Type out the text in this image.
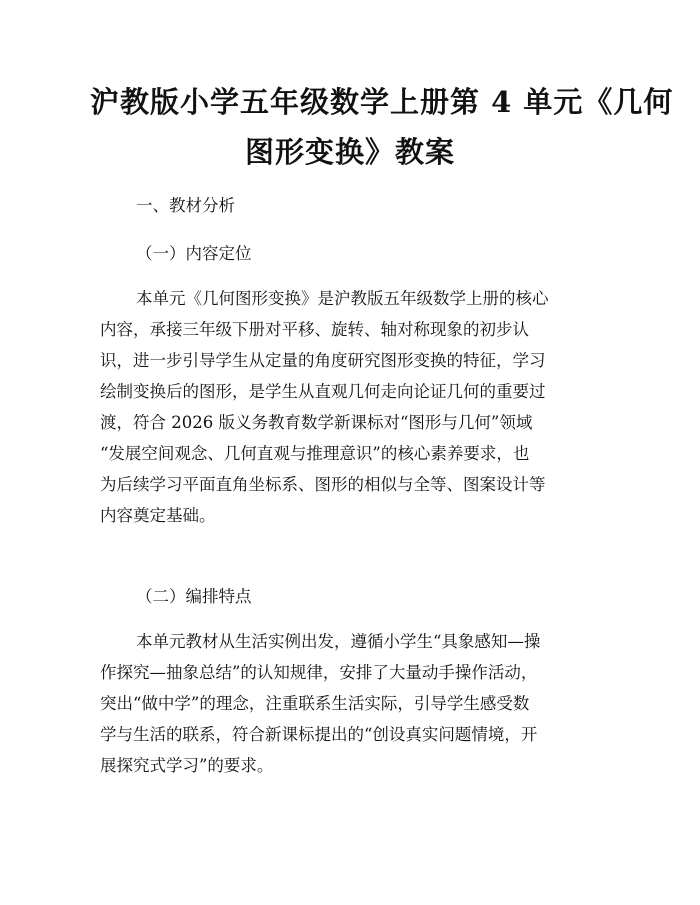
沪教版小学五年级数学上册第 4 单元《几何
图形变换》教案
一、教材分析
（一）内容定位
本单元《几何图形变换》是沪教版五年级数学上册的核心
内容，承接三年级下册对平移、旋转、轴对称现象的初步认
识，进一步引导学生从定量的角度研究图形变换的特征，学习
绘制变换后的图形，是学生从直观几何走向论证几何的重要过
渡，符合 2026 版义务教育数学新课标对“图形与几何”领域
“发展空间观念、几何直观与推理意识”的核心素养要求，也
为后续学习平面直角坐标系、图形的相似与全等、图案设计等
内容奠定基础。
（二）编排特点
本单元教材从生活实例出发，遵循小学生“具象感知—操
作探究—抽象总结”的认知规律，安排了大量动手操作活动，
突出“做中学”的理念，注重联系生活实际，引导学生感受数
学与生活的联系，符合新课标提出的“创设真实问题情境，开
展探究式学习”的要求。
